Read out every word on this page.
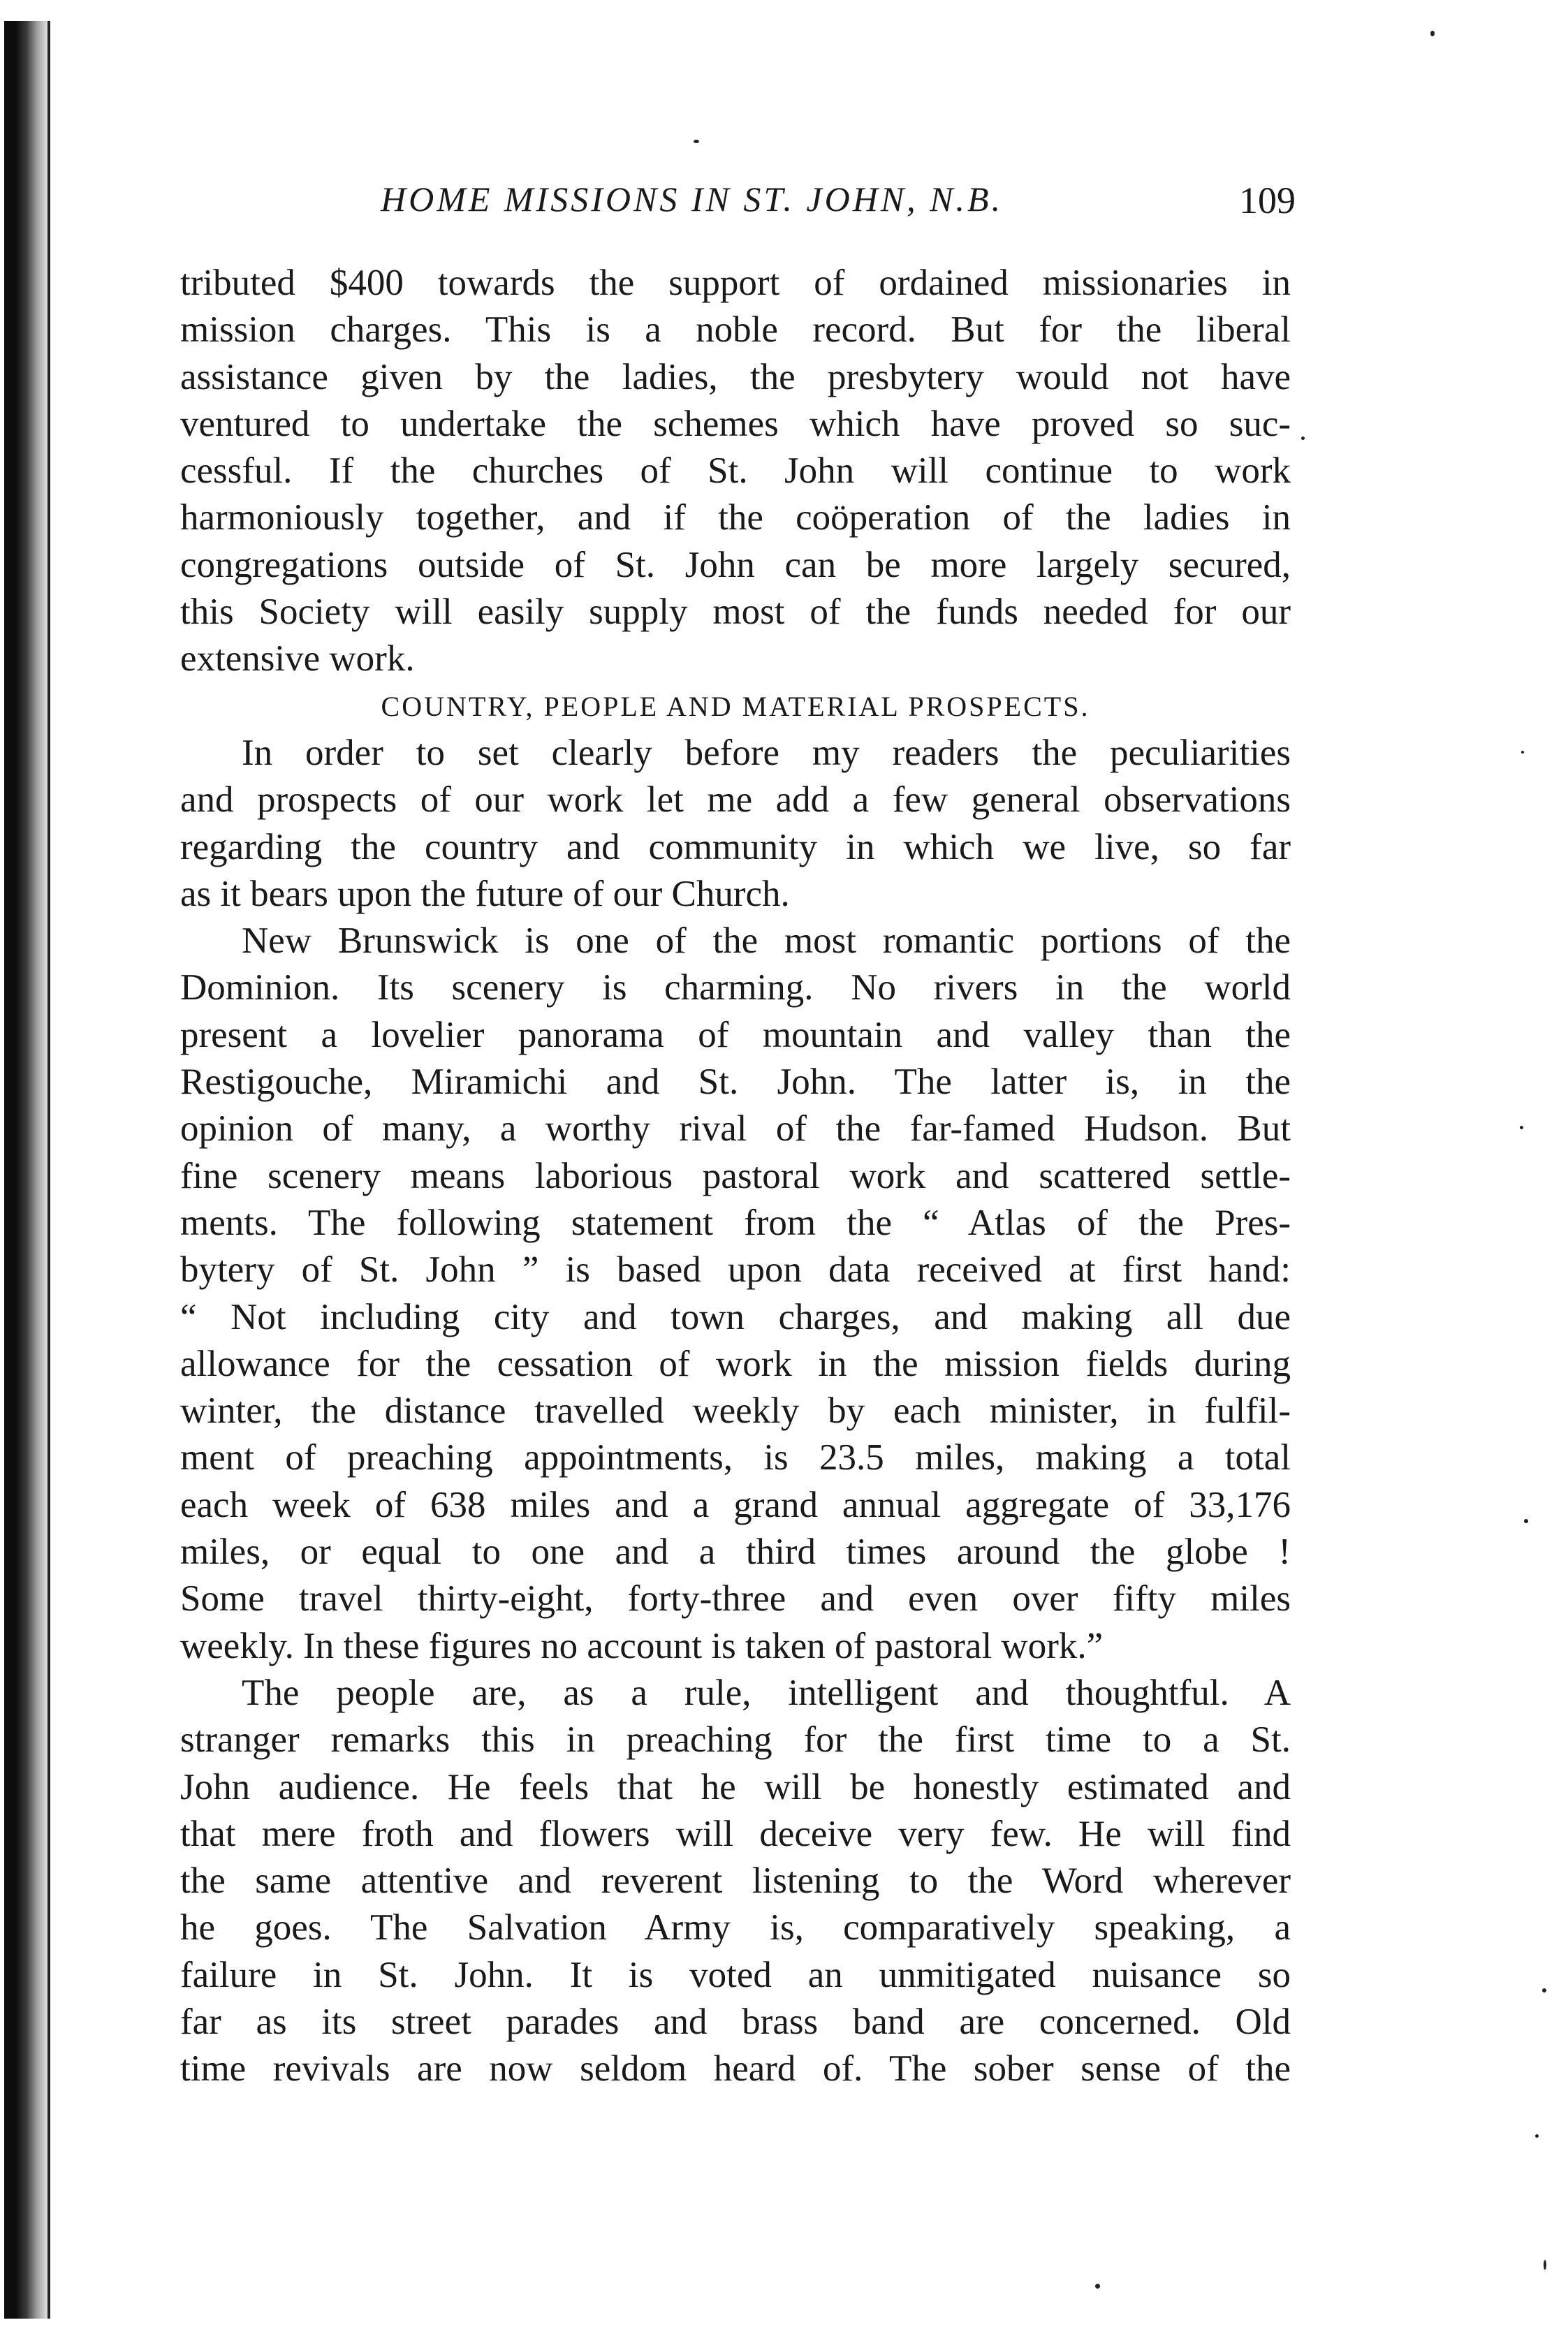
HOME MISSIONS IN ST. JOHN, N.B.	109
tributed $400 towards the support of ordained missionaries in
mission charges. This is a noble record. But for the liberal
assistance given by the ladies, the presbytery would not have
ventured to undertake the schemes which have proved so suc-
cessful. If the churches of St. John will continue to work
harmoniously together, and if the coöperation of the ladies in
congregations outside of St. John can be more largely secured,
this Society will easily supply most of the funds needed for our
extensive work.
COUNTRY, PEOPLE AND MATERIAL PROSPECTS.
In order to set clearly before my readers the peculiarities
and prospects of our work let me add a few general observations
regarding the country and community in which we live, so far
as it bears upon the future of our Church.
New Brunswick is one of the most romantic portions of the
Dominion. Its scenery is charming. No rivers in the world
present a lovelier panorama of mountain and valley than the
Restigouche, Miramichi and St. John. The latter is, in the
opinion of many, a worthy rival of the far-famed Hudson. But
fine scenery means laborious pastoral work and scattered settle-
ments. The following statement from the “ Atlas of the Pres-
bytery of St. John ” is based upon data received at first hand:
“ Not including city and town charges, and making all due
allowance for the cessation of work in the mission fields during
winter, the distance travelled weekly by each minister, in fulfil-
ment of preaching appointments, is 23.5 miles, making a total
each week of 638 miles and a grand annual aggregate of 33,176
miles, or equal to one and a third times around the globe !
Some travel thirty-eight, forty-three and even over fifty miles
weekly. In these figures no account is taken of pastoral work.”
The people are, as a rule, intelligent and thoughtful. A
stranger remarks this in preaching for the first time to a St.
John audience. He feels that he will be honestly estimated and
that mere froth and flowers will deceive very few. He will find
the same attentive and reverent listening to the Word wherever
he goes. The Salvation Army is, comparatively speaking, a
failure in St. John. It is voted an unmitigated nuisance so
far as its street parades and brass band are concerned. Old
time revivals are now seldom heard of. The sober sense of the
